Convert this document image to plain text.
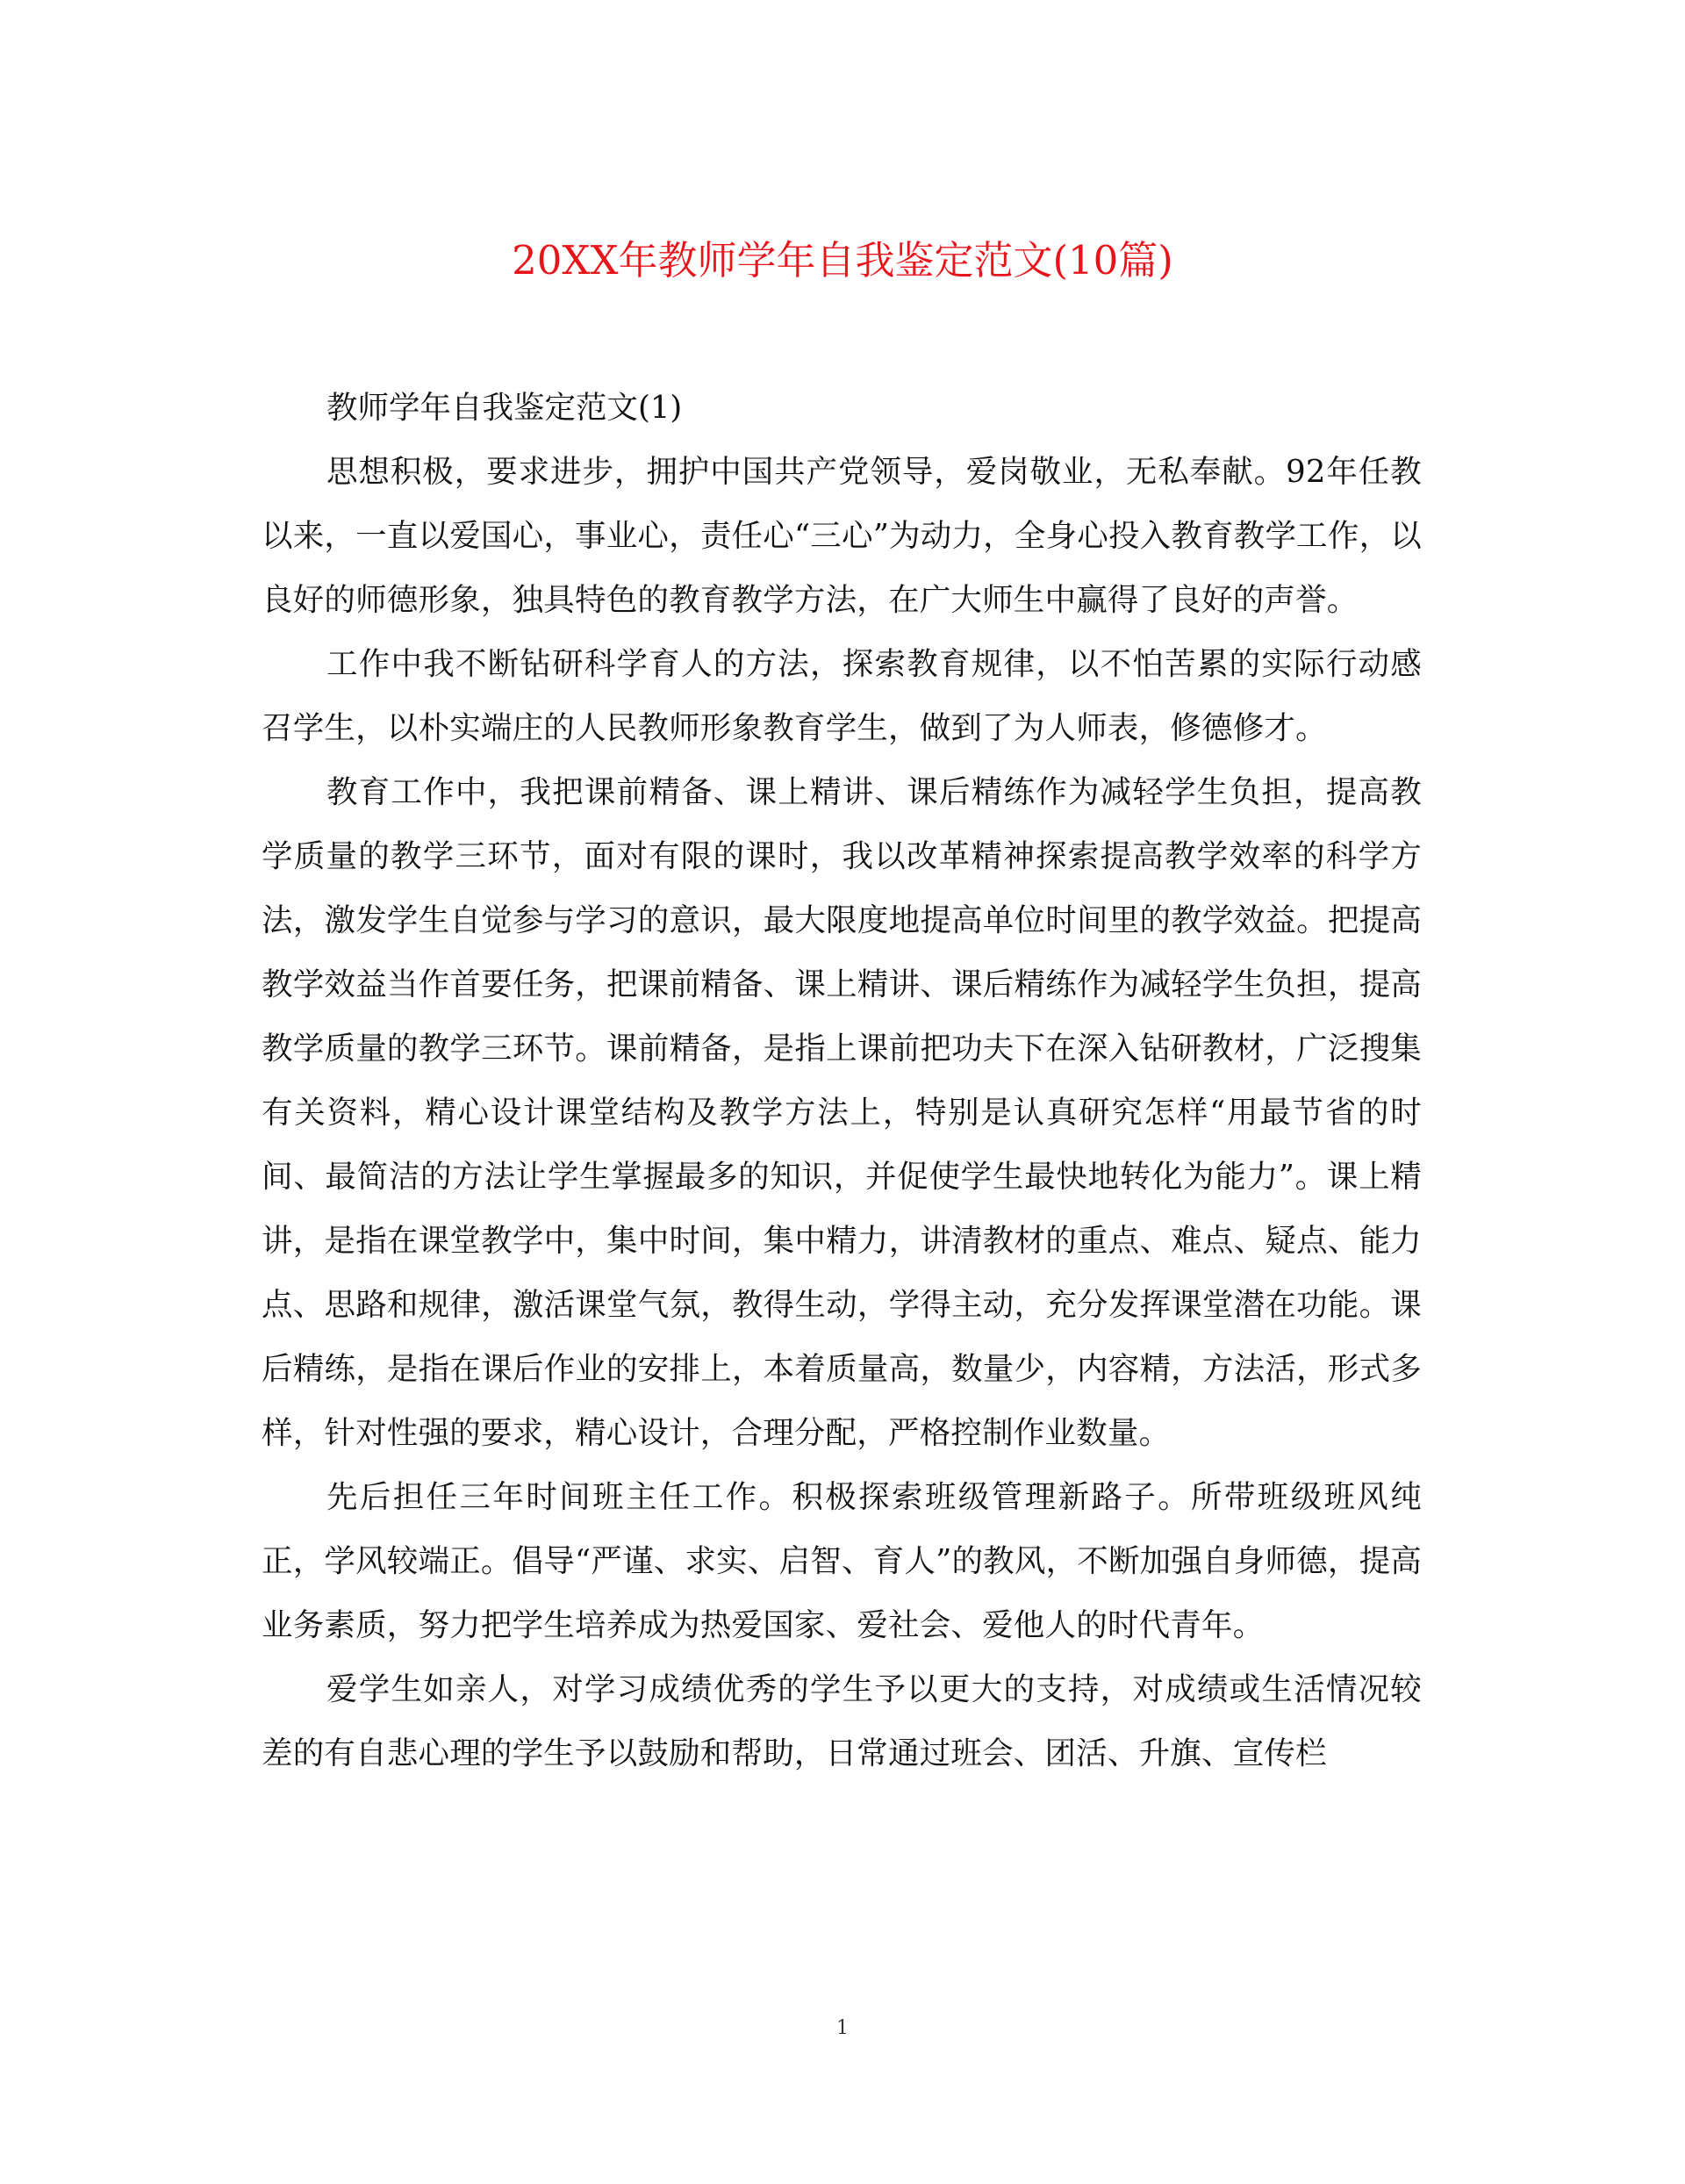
20XX年教师学年自我鉴定范文(10篇)

教师学年自我鉴定范文(1)

思想积极，要求进步，拥护中国共产党领导，爱岗敬业，无私奉献。92年任教以来，一直以爱国心，事业心，责任心“三心”为动力，全身心投入教育教学工作，以良好的师德形象，独具特色的教育教学方法，在广大师生中赢得了良好的声誉。

工作中我不断钻研科学育人的方法，探索教育规律，以不怕苦累的实际行动感召学生，以朴实端庄的人民教师形象教育学生，做到了为人师表，修德修才。

教育工作中，我把课前精备、课上精讲、课后精练作为减轻学生负担，提高教学质量的教学三环节，面对有限的课时，我以改革精神探索提高教学效率的科学方法，激发学生自觉参与学习的意识，最大限度地提高单位时间里的教学效益。把提高教学效益当作首要任务，把课前精备、课上精讲、课后精练作为减轻学生负担，提高教学质量的教学三环节。课前精备，是指上课前把功夫下在深入钻研教材，广泛搜集有关资料，精心设计课堂结构及教学方法上，特别是认真研究怎样“用最节省的时间、最简洁的方法让学生掌握最多的知识，并促使学生最快地转化为能力”。课上精讲，是指在课堂教学中，集中时间，集中精力，讲清教材的重点、难点、疑点、能力点、思路和规律，激活课堂气氛，教得生动，学得主动，充分发挥课堂潜在功能。课后精练，是指在课后作业的安排上，本着质量高，数量少，内容精，方法活，形式多样，针对性强的要求，精心设计，合理分配，严格控制作业数量。

先后担任三年时间班主任工作。积极探索班级管理新路子。所带班级班风纯正，学风较端正。倡导“严谨、求实、启智、育人”的教风，不断加强自身师德，提高业务素质，努力把学生培养成为热爱国家、爱社会、爱他人的时代青年。

爱学生如亲人，对学习成绩优秀的学生予以更大的支持，对成绩或生活情况较差的有自悲心理的学生予以鼓励和帮助，日常通过班会、团活、升旗、宣传栏

1
